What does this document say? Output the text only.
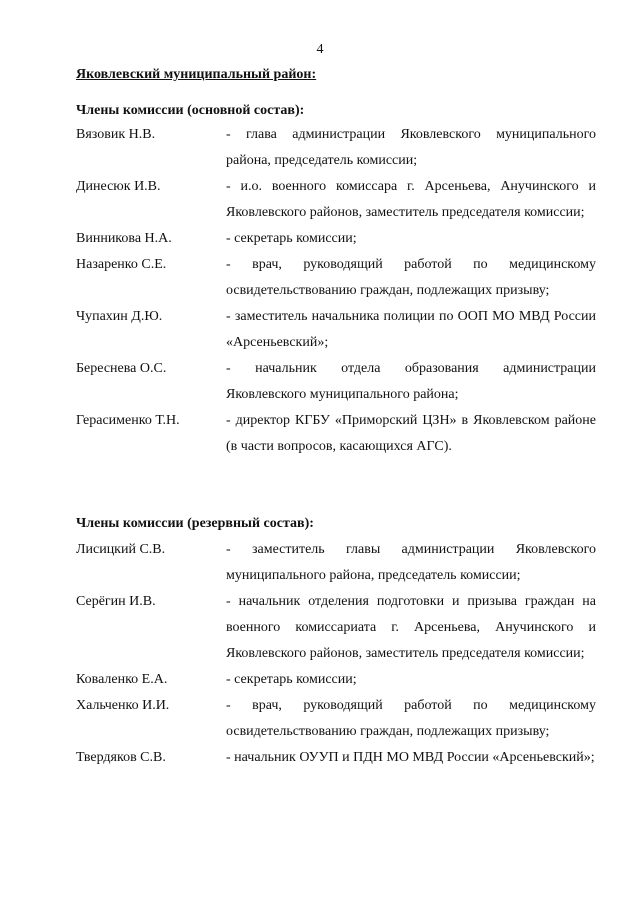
4
Яковлевский муниципальный район:
Члены комиссии (основной состав):
Вязовик Н.В.	- глава администрации Яковлевского муниципального района, председатель комиссии;
Динесюк И.В.	- и.о. военного комиссара г. Арсеньева, Анучинского и Яковлевского районов, заместитель председателя комиссии;
Винникова Н.А.	- секретарь комиссии;
Назаренко С.Е.	- врач, руководящий работой по медицинскому освидетельствованию граждан, подлежащих призыву;
Чупахин Д.Ю.	- заместитель начальника полиции по ООП МО МВД России «Арсеньевский»;
Береснева О.С.	- начальник отдела образования администрации Яковлевского муниципального района;
Герасименко Т.Н.	- директор КГБУ «Приморский ЦЗН» в Яковлевском районе (в части вопросов, касающихся АГС).
Члены комиссии (резервный состав):
Лисицкий С.В.	- заместитель главы администрации Яковлевского муниципального района, председатель комиссии;
Серёгин И.В.	- начальник отделения подготовки и призыва граждан на военного комиссариата г. Арсеньева, Анучинского и Яковлевского районов, заместитель председателя комиссии;
Коваленко Е.А.	- секретарь комиссии;
Хальченко И.И.	- врач, руководящий работой по медицинскому освидетельствованию граждан, подлежащих призыву;
Твердяков С.В.	- начальник ОУУП и ПДН МО МВД России «Арсеньевский»;
